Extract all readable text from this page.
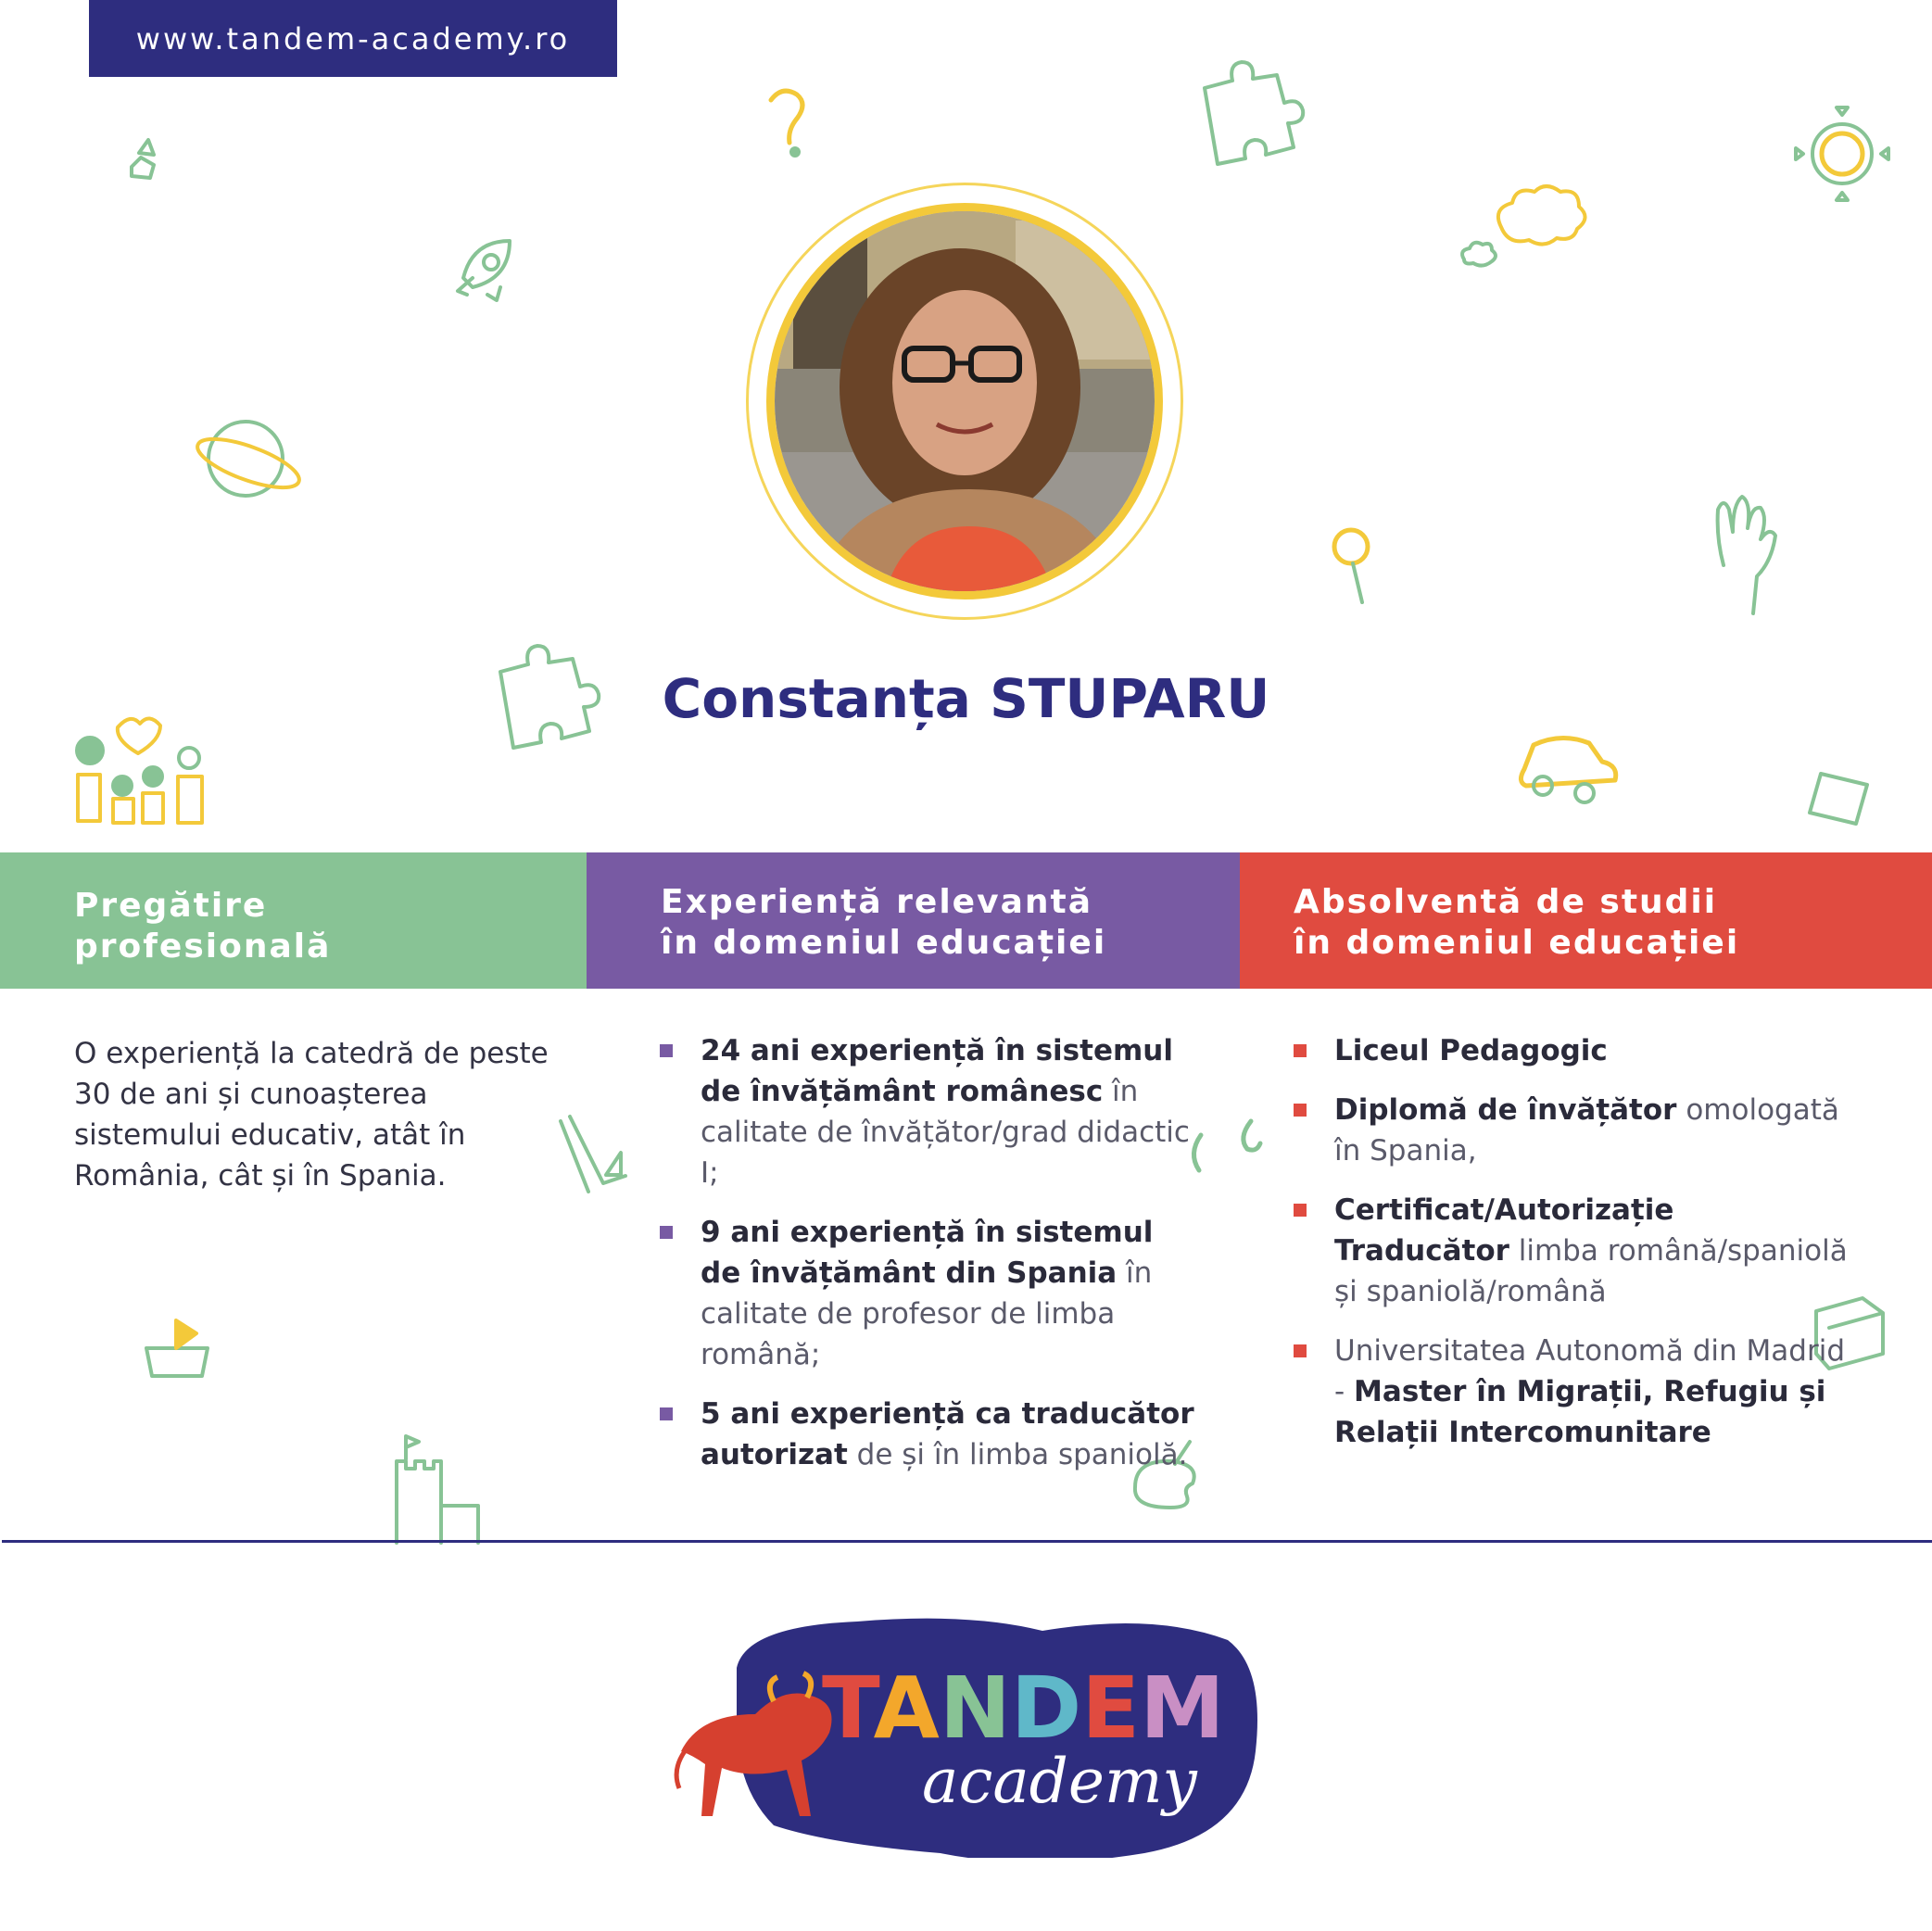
www.tandem-academy.ro
Constanța STUPARU
Pregătire
profesională
Experiență relevantă
în domeniul educației
Absolventă de studii
în domeniul educației
O experiență la catedră de peste 30 de ani și cunoașterea sistemului educativ, atât în România, cât și în Spania.
24 ani experiență în sistemul de învățământ românesc în calitate de învățător/grad didactic I;
9 ani experiență în sistemul de învățământ din Spania în calitate de profesor de limba română;
5 ani experiență ca traducător autorizat de și în limba spaniolă.
Liceul Pedagogic
Diplomă de învățător omologată în Spania,
Certificat/Autorizație Traducător limba română/spaniolă și spaniolă/română
Universitatea Autonomă din Madrid - Master în Migrații, Refugiu și Relații Intercomunitare
TANDEM
academy
